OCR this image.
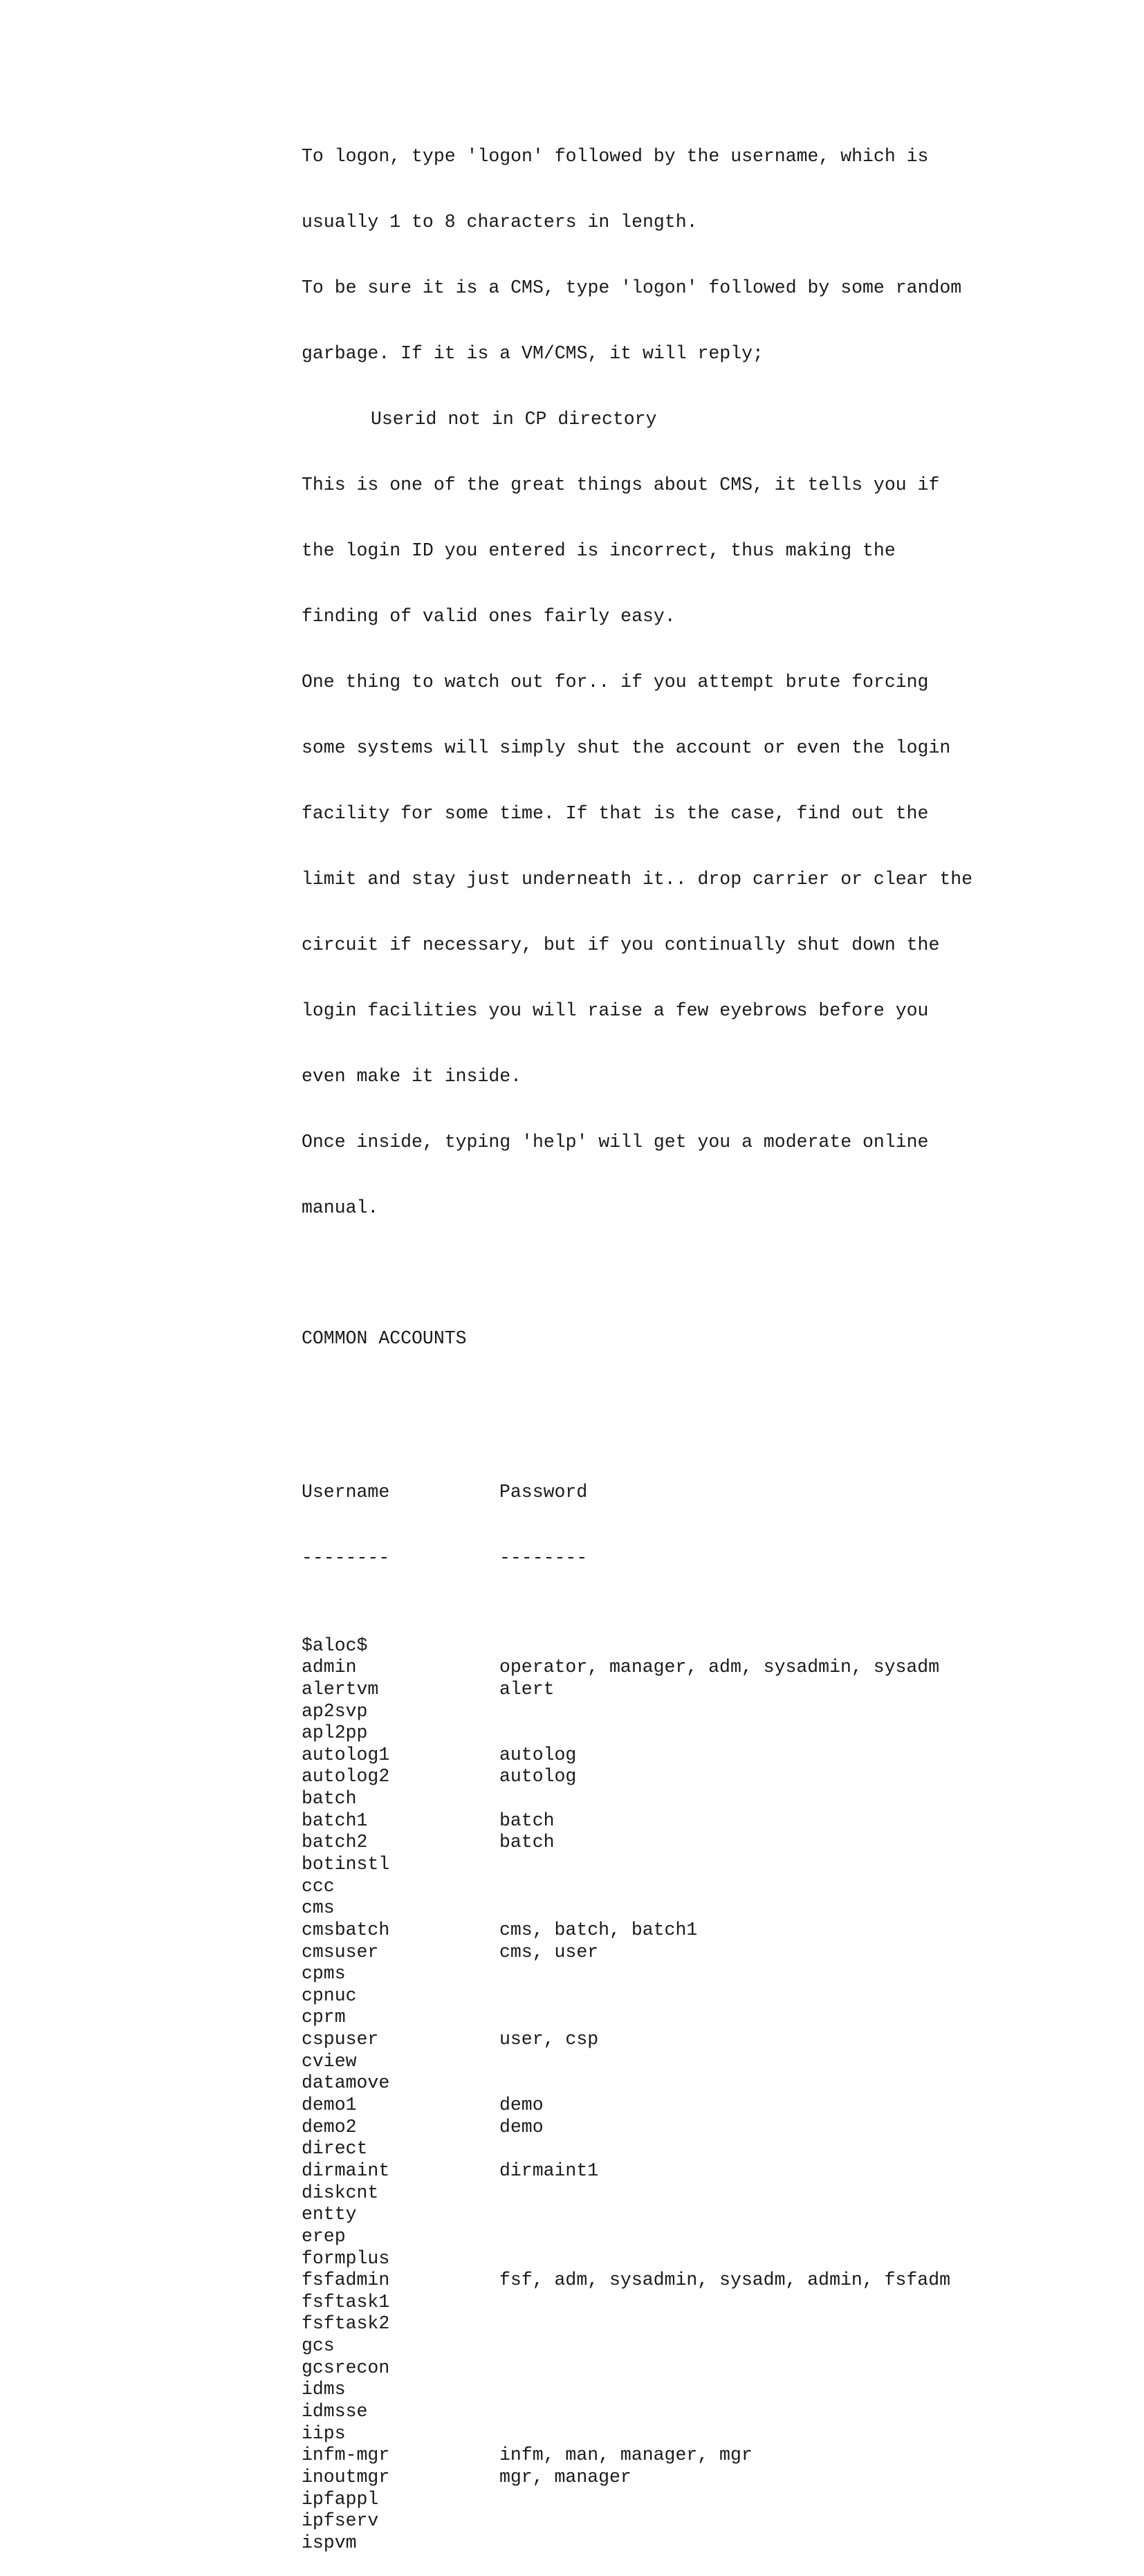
To logon, type 'logon' followed by the username, which is

usually 1 to 8 characters in length.

To be sure it is a CMS, type 'logon' followed by some random

garbage. If it is a VM/CMS, it will reply;

Userid not in CP directory

This is one of the great things about CMS, it tells you if

the login ID you entered is incorrect, thus making the

finding of valid ones fairly easy.

One thing to watch out for.. if you attempt brute forcing

some systems will simply shut the account or even the login

facility for some time. If that is the case, find out the

limit and stay just underneath it.. drop carrier or clear the

circuit if necessary, but if you continually shut down the

login facilities you will raise a few eyebrows before you

even make it inside.

Once inside, typing 'help' will get you a moderate online

manual.

COMMON ACCOUNTS

Username	Password

--------	--------

$aloc$
admin	operator, manager, adm, sysadmin, sysadm
alertvm	alert
ap2svp
apl2pp
autolog1	autolog
autolog2	autolog
batch
batch1	batch
batch2	batch
botinstl
ccc
cms
cmsbatch	cms, batch, batch1
cmsuser	cms, user
cpms
cpnuc
cprm
cspuser	user, csp
cview
datamove
demo1	demo
demo2	demo
direct
dirmaint	dirmaint1
diskcnt
entty
erep
formplus
fsfadmin	fsf, adm, sysadmin, sysadm, admin, fsfadm
fsftask1
fsftask2
gcs
gcsrecon
idms
idmsse
iips
infm-mgr	infm, man, manager, mgr
inoutmgr	mgr, manager
ipfappl
ipfserv
ispvm
